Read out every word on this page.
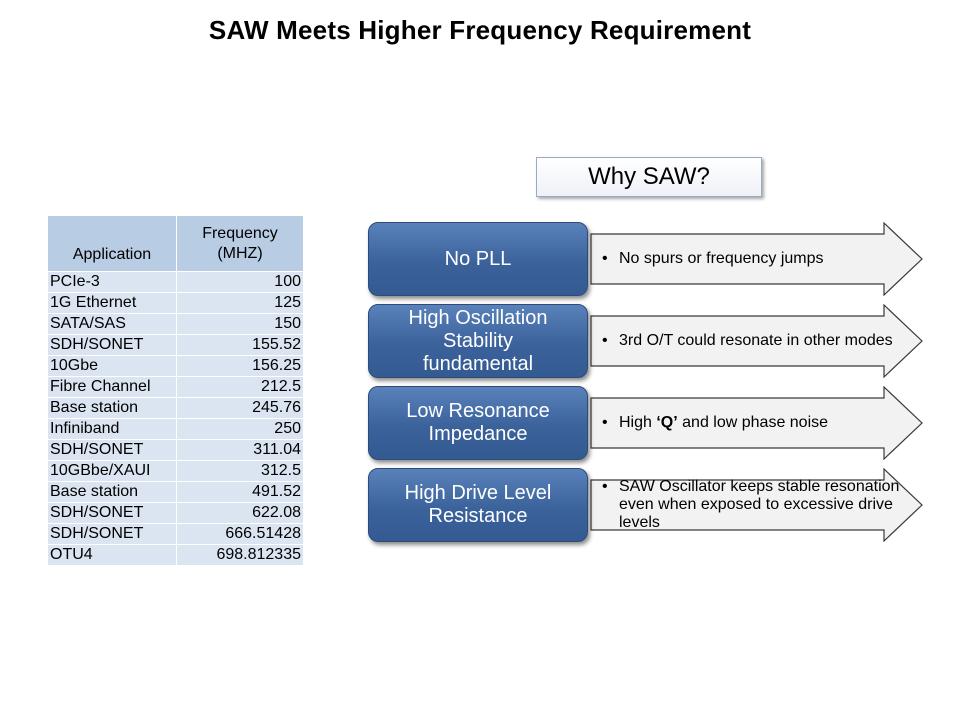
SAW Meets Higher Frequency Requirement
Application	Frequency (MHZ)
PCIe-3	100
1G Ethernet	125
SATA/SAS	150
SDH/SONET	155.52
10Gbe	156.25
Fibre Channel	212.5
Base station	245.76
Infiniband	250
SDH/SONET	311.04
10GBbe/XAUI	312.5
Base station	491.52
SDH/SONET	622.08
SDH/SONET	666.51428
OTU4	698.812335
Why SAW?
No PLL	• No spurs or frequency jumps
High Oscillation Stability fundamental
• 3rd O/T could resonate in other modes
Low Resonance Impedance
• High ‘Q’ and low phase noise
High Drive Level Resistance
• SAW Oscillator keeps stable resonation even when exposed to excessive drive levels
